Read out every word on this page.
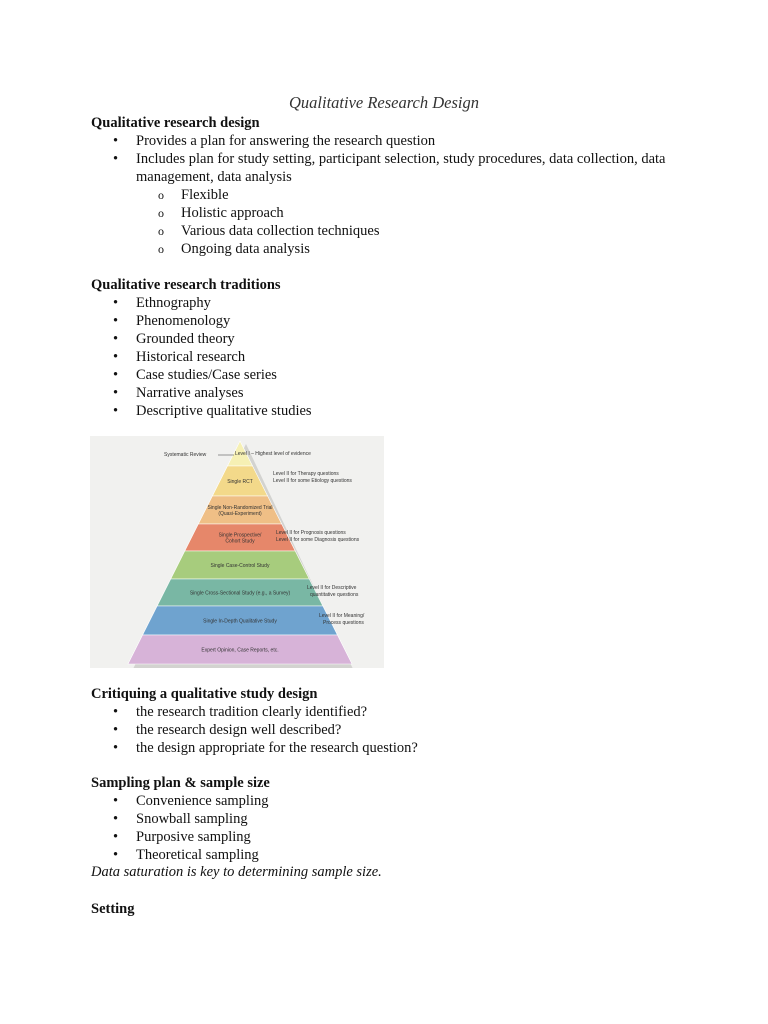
Qualitative Research Design
Qualitative research design
• Provides a plan for answering the research question
• Includes plan for study setting, participant selection, study procedures, data collection, data management, data analysis
o Flexible
o Holistic approach
o Various data collection techniques
o Ongoing data analysis
Qualitative research traditions
• Ethnography
• Phenomenology
• Grounded theory
• Historical research
• Case studies/Case series
• Narrative analyses
• Descriptive qualitative studies
Single RCT
Single Non-Randomized Trial
(Quasi-Experiment)
Single Prospective/
Cohort Study
Single Case-Control Study
Single Cross-Sectional Study (e.g., a Survey)
Single In-Depth Qualitative Study
Expert Opinion, Case Reports, etc.
Systematic Review	Level I – Highest level of evidence
Level II for Therapy questions
Level II for some Etiology questions
Level II for Prognosis questions
Level II for some Diagnosis questions
Level II for Descriptive
quantitative questions
Level II for Meaning/
Process questions
Critiquing a qualitative study design
• the research tradition clearly identified?
• the research design well described?
• the design appropriate for the research question?
Sampling plan & sample size
• Convenience sampling
• Snowball sampling
• Purposive sampling
• Theoretical sampling
Data saturation is key to determining sample size.
Setting
